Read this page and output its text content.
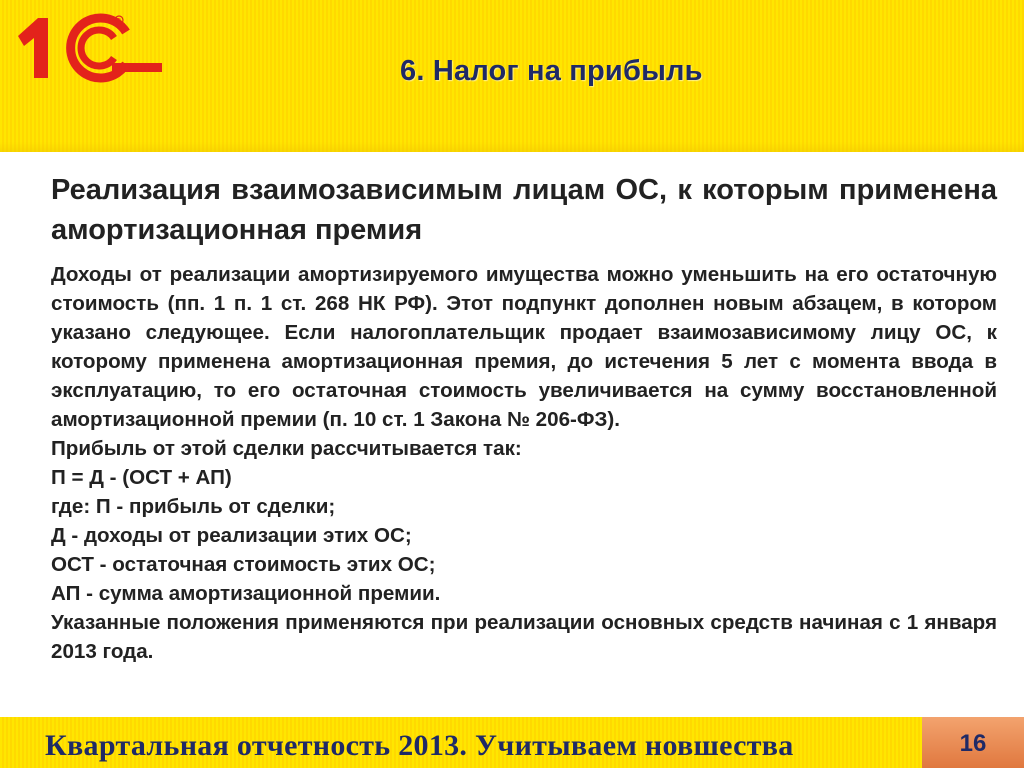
R
6. Налог на прибыль

Реализация взаимозависимым лицам ОС, к которым применена амортизационная премия

Доходы от реализации амортизируемого имущества можно уменьшить на его остаточную стоимость (пп. 1 п. 1 ст. 268 НК РФ). Этот подпункт дополнен новым абзацем, в котором указано следующее. Если налогоплательщик продает взаимозависимому лицу ОС, к которому применена амортизационная премия, до истечения 5 лет с момента ввода в эксплуатацию, то его остаточная стоимость увеличивается на сумму восстановленной амортизационной премии (п. 10 ст. 1 Закона № 206-ФЗ).

Прибыль от этой сделки рассчитывается так:
П = Д - (ОСТ + АП)
где: П - прибыль от сделки;
Д - доходы от реализации этих ОС;
ОСТ - остаточная стоимость этих ОС;
АП - сумма амортизационной премии.
Указанные положения применяются при реализации основных средств начиная с 1 января 2013 года.
Квартальная отчетность 2013. Учитываем новшества	16
